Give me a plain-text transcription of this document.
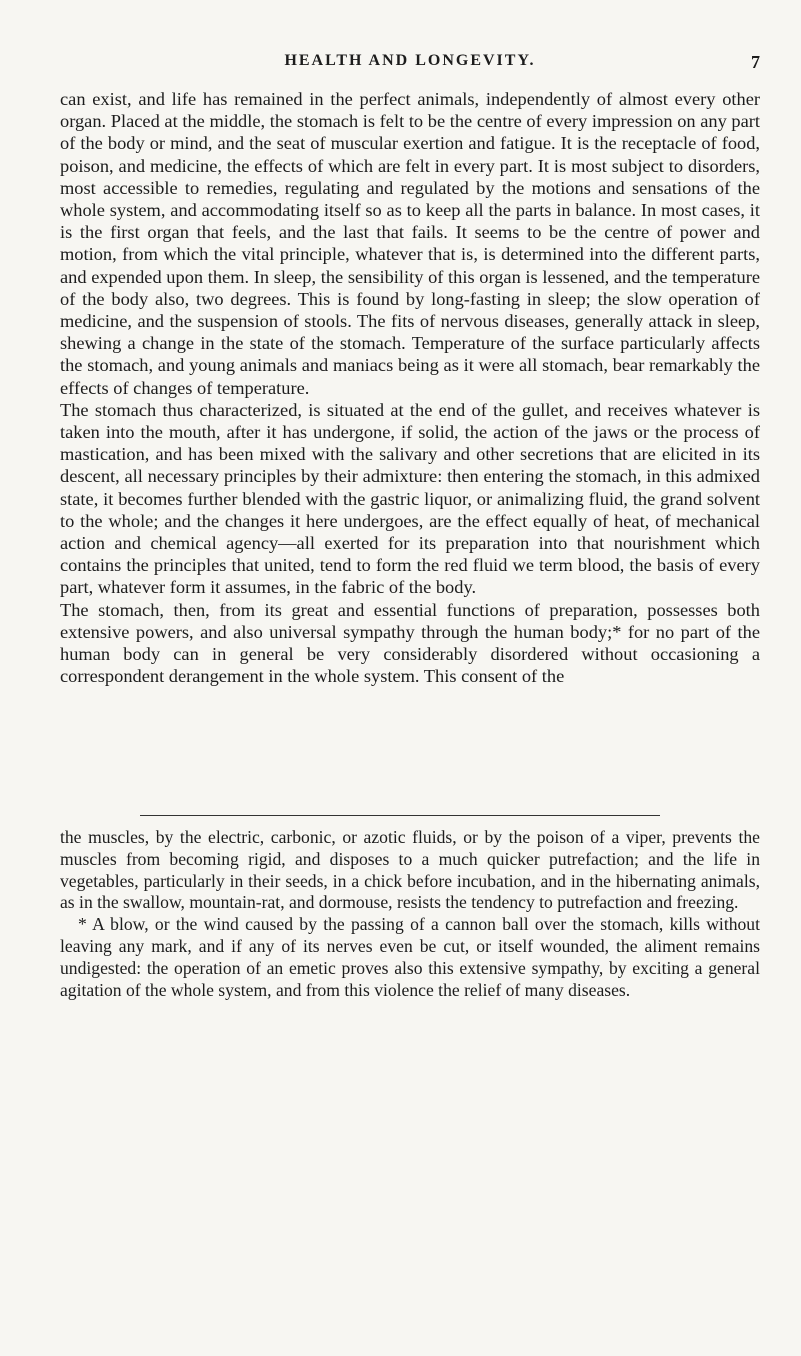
HEALTH AND LONGEVITY.	7

can exist, and life has remained in the perfect animals, independently of almost every other organ. Placed at the middle, the stomach is felt to be the centre of every impression on any part of the body or mind, and the seat of muscular exertion and fatigue. It is the receptacle of food, poison, and medicine, the effects of which are felt in every part. It is most subject to disorders, most accessible to remedies, regulating and regulated by the motions and sensations of the whole system, and accommodating itself so as to keep all the parts in balance. In most cases, it is the first organ that feels, and the last that fails. It seems to be the centre of power and motion, from which the vital principle, whatever that is, is determined into the different parts, and expended upon them. In sleep, the sensibility of this organ is lessened, and the temperature of the body also, two degrees. This is found by long-fasting in sleep; the slow operation of medicine, and the suspension of stools. The fits of nervous diseases, generally attack in sleep, shewing a change in the state of the stomach. Temperature of the surface particularly affects the stomach, and young animals and maniacs being as it were all stomach, bear remarkably the effects of changes of temperature.

The stomach thus characterized, is situated at the end of the gullet, and receives whatever is taken into the mouth, after it has undergone, if solid, the action of the jaws or the process of mastication, and has been mixed with the salivary and other secretions that are elicited in its descent, all necessary principles by their admixture: then entering the stomach, in this admixed state, it becomes further blended with the gastric liquor, or animalizing fluid, the grand solvent to the whole; and the changes it here undergoes, are the effect equally of heat, of mechanical action and chemical agency—all exerted for its preparation into that nourishment which contains the principles that united, tend to form the red fluid we term blood, the basis of every part, whatever form it assumes, in the fabric of the body.

The stomach, then, from its great and essential functions of preparation, possesses both extensive powers, and also universal sympathy through the human body;* for no part of the human body can in general be very considerably disordered without occasioning a correspondent derangement in the whole system. This consent of the

the muscles, by the electric, carbonic, or azotic fluids, or by the poison of a viper, prevents the muscles from becoming rigid, and disposes to a much quicker putrefaction; and the life in vegetables, particularly in their seeds, in a chick before incubation, and in the hibernating animals, as in the swallow, mountain-rat, and dormouse, resists the tendency to putrefaction and freezing.

* A blow, or the wind caused by the passing of a cannon ball over the stomach, kills without leaving any mark, and if any of its nerves even be cut, or itself wounded, the aliment remains undigested: the operation of an emetic proves also this extensive sympathy, by exciting a general agitation of the whole system, and from this violence the relief of many diseases.
